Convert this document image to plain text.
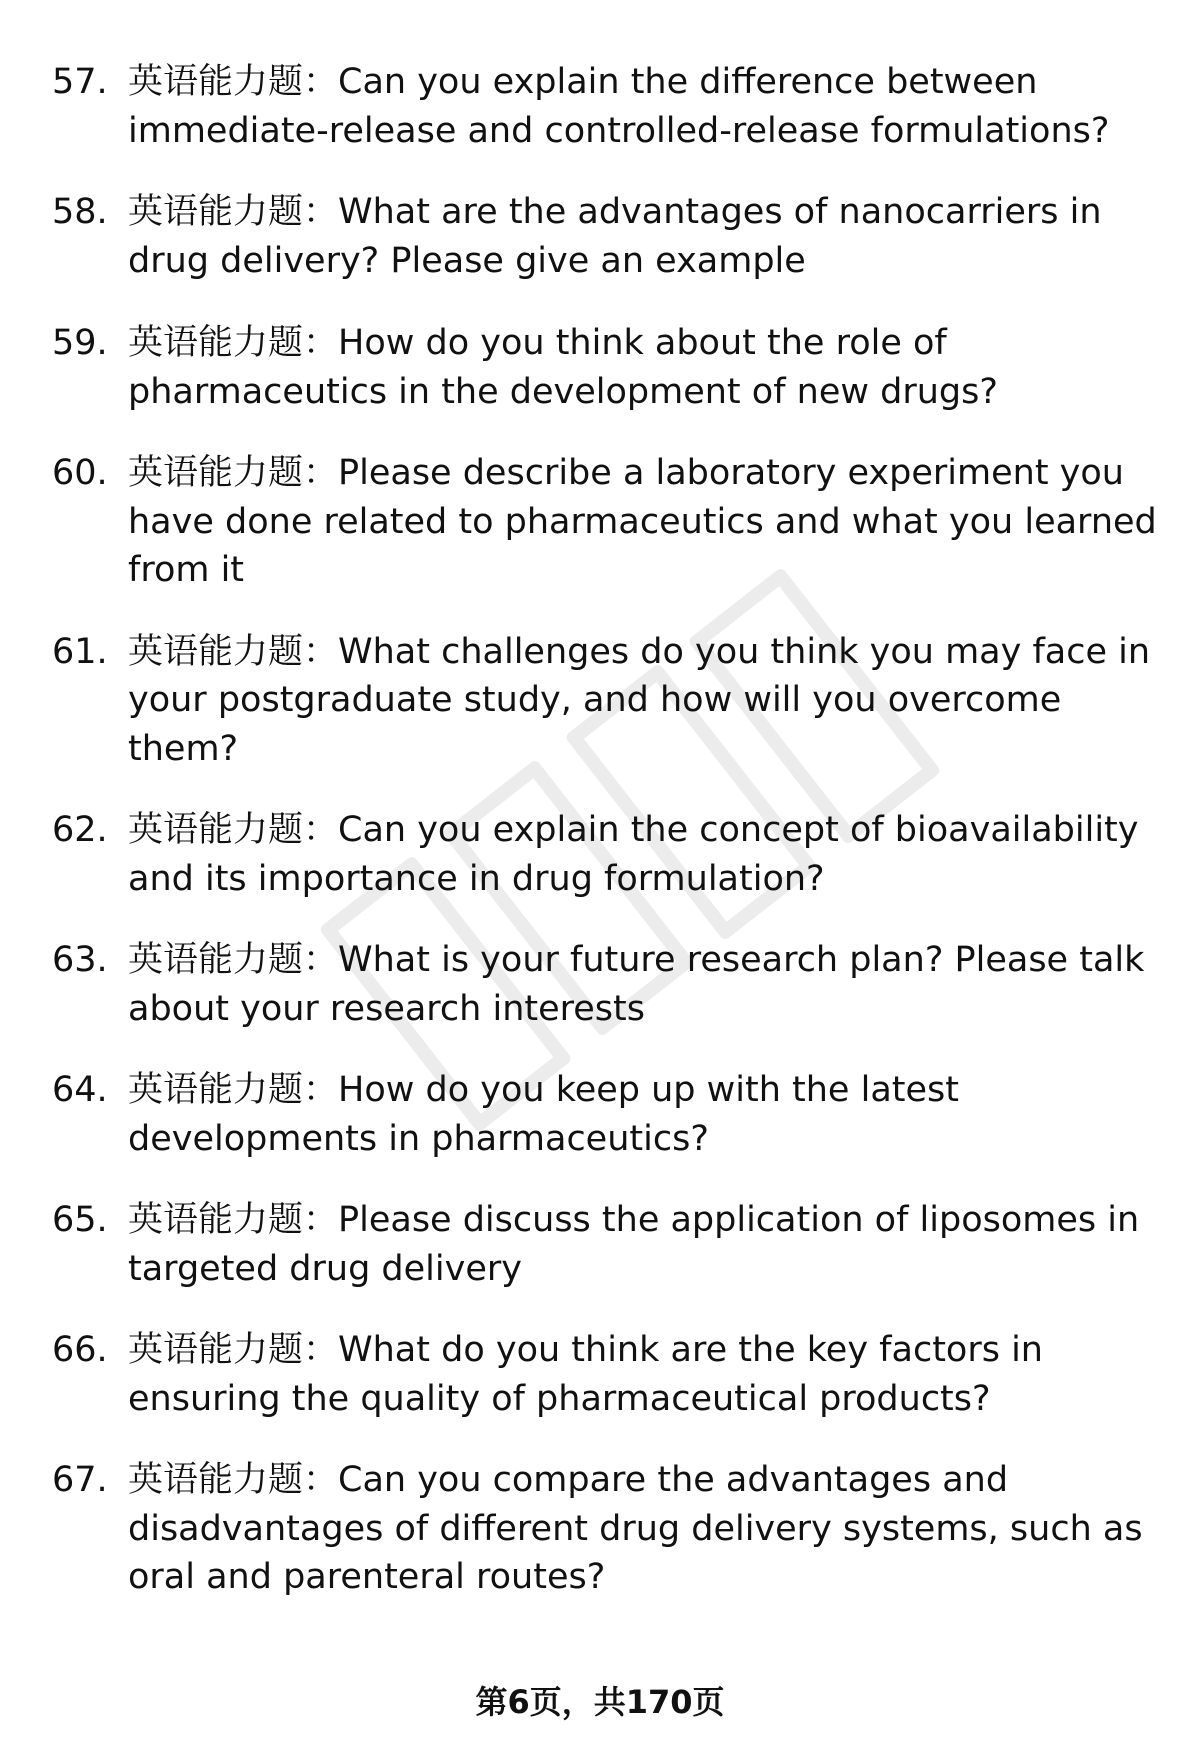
57. 英语能力题：Can you explain the difference between immediate-release and controlled-release formulations?
58. 英语能力题：What are the advantages of nanocarriers in drug delivery? Please give an example
59. 英语能力题：How do you think about the role of pharmaceutics in the development of new drugs?
60. 英语能力题：Please describe a laboratory experiment you have done related to pharmaceutics and what you learned from it
61. 英语能力题：What challenges do you think you may face in your postgraduate study, and how will you overcome them?
62. 英语能力题：Can you explain the concept of bioavailability and its importance in drug formulation?
63. 英语能力题：What is your future research plan? Please talk about your research interests
64. 英语能力题：How do you keep up with the latest developments in pharmaceutics?
65. 英语能力题：Please discuss the application of liposomes in targeted drug delivery
66. 英语能力题：What do you think are the key factors in ensuring the quality of pharmaceutical products?
67. 英语能力题：Can you compare the advantages and disadvantages of different drug delivery systems, such as oral and parenteral routes?
第6页，共170页
